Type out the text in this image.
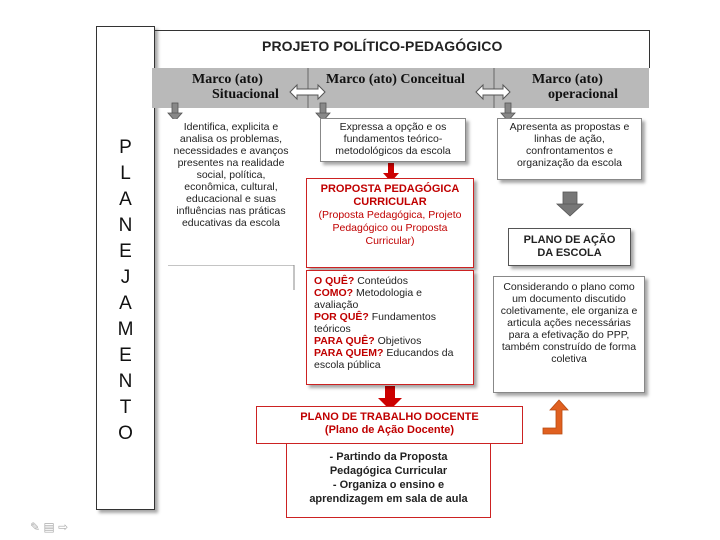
P
L
A
N
E
J
A
M
E
N
T
O
PROJETO POLÍTICO-PEDAGÓGICO
Marco (ato)
Situacional
Marco (ato) Conceitual	Marco (ato)
operacional

Identifica, explicita e analisa os problemas, necessidades e avanços presentes na realidade social, política, econômica, cultural, educacional e suas influências nas práticas educativas da escola

Expressa a opção e os fundamentos teórico-metodológicos da escola

Apresenta as propostas e linhas de ação, confrontamentos e organização da escola

PROPOSTA PEDAGÓGICA
CURRICULAR
(Proposta Pedagógica, Projeto Pedagógico ou Proposta Curricular)
O QUÊ? Conteúdos
COMO? Metodologia e avaliação
POR QUÊ? Fundamentos teóricos
PARA QUÊ? Objetivos
PARA QUEM? Educandos da escola pública
PLANO DE AÇÃO
DA ESCOLA

Considerando o plano como um documento discutido coletivamente, ele organiza e articula ações necessárias para a efetivação do PPP, também construído de forma coletiva

PLANO DE TRABALHO DOCENTE
(Plano de Ação Docente)
- Partindo da Proposta
Pedagógica Curricular
- Organiza o ensino e
aprendizagem em sala de aula
✎ ▤ ⇨
